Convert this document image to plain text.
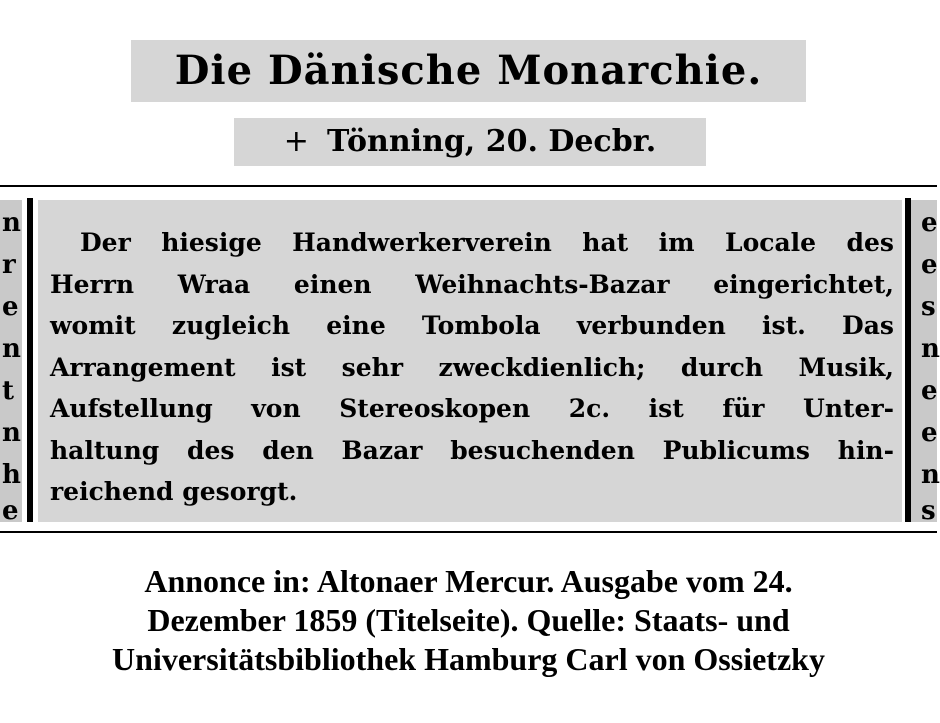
Die Dänische Monarchie.
+ Tönning, 20. Decbr.
n
r
e
n
t
n
h
e
Der hiesige Handwerkerverein hat im Locale des
Herrn Wraa einen Weihnachts-Bazar eingerichtet,
womit zugleich eine Tombola verbunden ist. Das
Arrangement ist sehr zweckdienlich; durch Musik,
Aufstellung von Stereoskopen 2c. ist für Unter-
haltung des den Bazar besuchenden Publicums hin-
reichend gesorgt.
e
e
s
n
e
e
n
s
Annonce in: Altonaer Mercur. Ausgabe vom 24.
Dezember 1859 (Titelseite). Quelle: Staats- und
Universitätsbibliothek Hamburg Carl von Ossietzky
